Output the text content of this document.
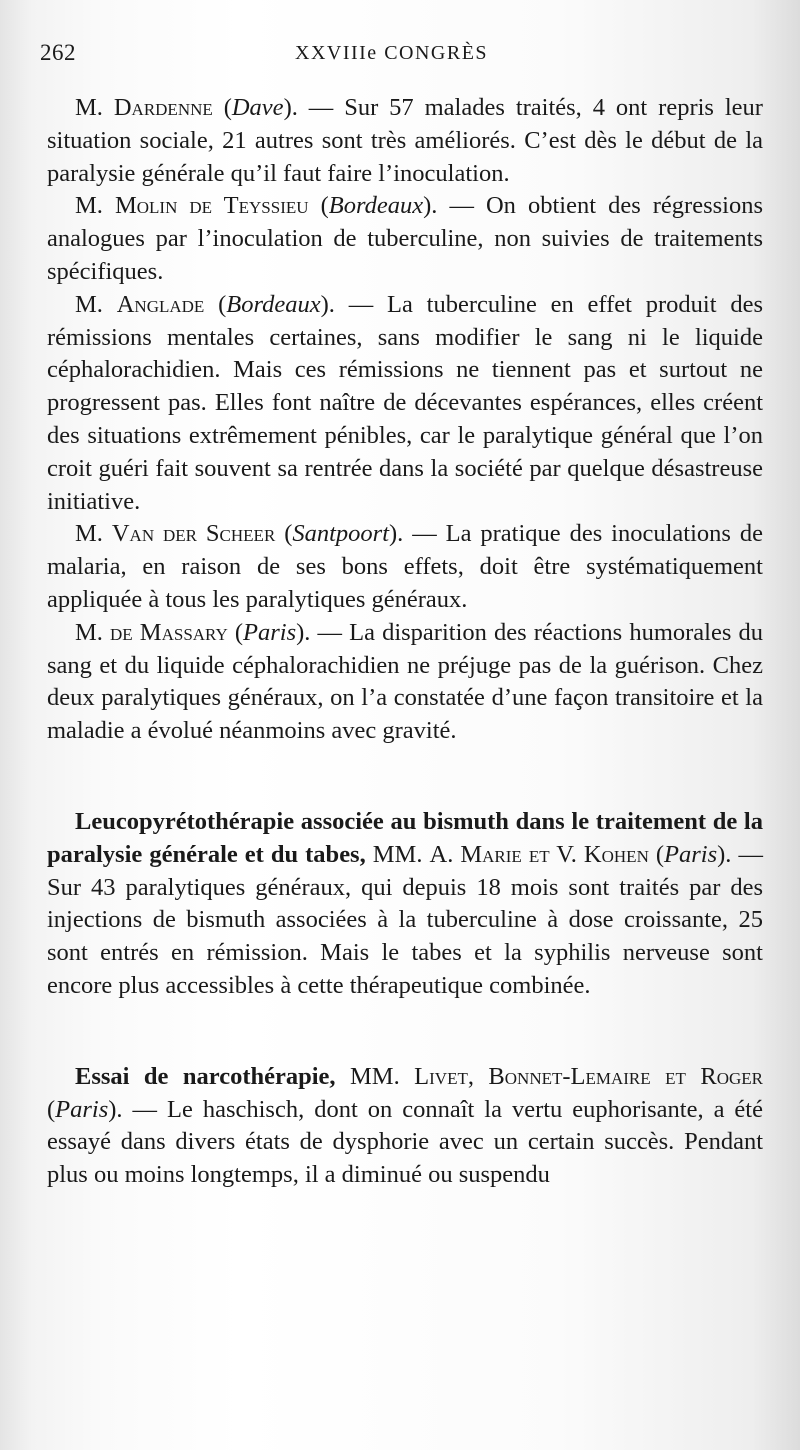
262	XXVIIIe CONGRÈS

M. Dardenne (Dave). — Sur 57 malades traités, 4 ont repris leur situation sociale, 21 autres sont très améliorés. C’est dès le début de la paralysie générale qu’il faut faire l’inoculation.

M. Molin de Teyssieu (Bordeaux). — On obtient des régressions analogues par l’inoculation de tuberculine, non suivies de traitements spécifiques.

M. Anglade (Bordeaux). — La tuberculine en effet produit des rémissions mentales certaines, sans modifier le sang ni le liquide céphalorachidien. Mais ces rémissions ne tiennent pas et surtout ne progressent pas. Elles font naître de décevantes espérances, elles créent des situations extrêmement pénibles, car le paralytique général que l’on croit guéri fait souvent sa rentrée dans la société par quelque désastreuse initiative.

M. Van der Scheer (Santpoort). — La pratique des inoculations de malaria, en raison de ses bons effets, doit être systématiquement appliquée à tous les paralytiques généraux.

M. de Massary (Paris). — La disparition des réactions humorales du sang et du liquide céphalorachidien ne préjuge pas de la guérison. Chez deux paralytiques généraux, on l’a constatée d’une façon transitoire et la maladie a évolué néanmoins avec gravité.

Leucopyrétothérapie associée au bismuth dans le traitement de la paralysie générale et du tabes, MM. A. Marie et V. Kohen (Paris). — Sur 43 paralytiques généraux, qui depuis 18 mois sont traités par des injections de bismuth associées à la tuberculine à dose croissante, 25 sont entrés en rémission. Mais le tabes et la syphilis nerveuse sont encore plus accessibles à cette thérapeutique combinée.

Essai de narcothérapie, MM. Livet, Bonnet-Lemaire et Roger (Paris). — Le haschisch, dont on connaît la vertu euphorisante, a été essayé dans divers états de dysphorie avec un certain succès. Pendant plus ou moins longtemps, il a diminué ou suspendu
